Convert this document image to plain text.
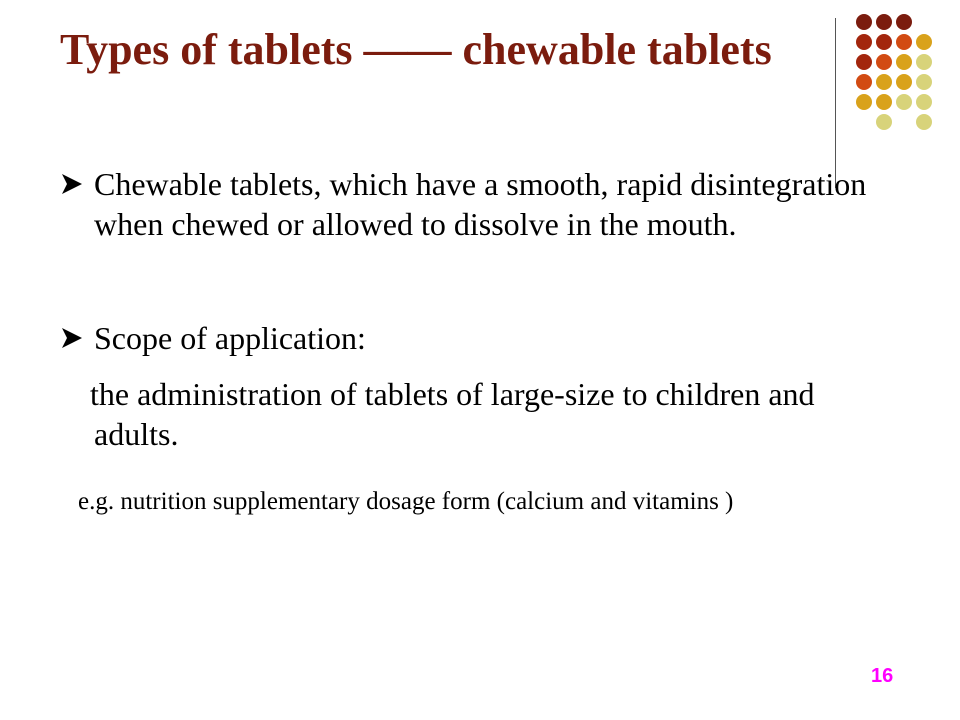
Types of tablets —— chewable tablets
Chewable tablets, which have a smooth, rapid disintegration when chewed or allowed to dissolve in the mouth.
Scope of application:

the administration of tablets of large-size to children and adults.

e.g. nutrition supplementary dosage form (calcium and vitamins )

16
